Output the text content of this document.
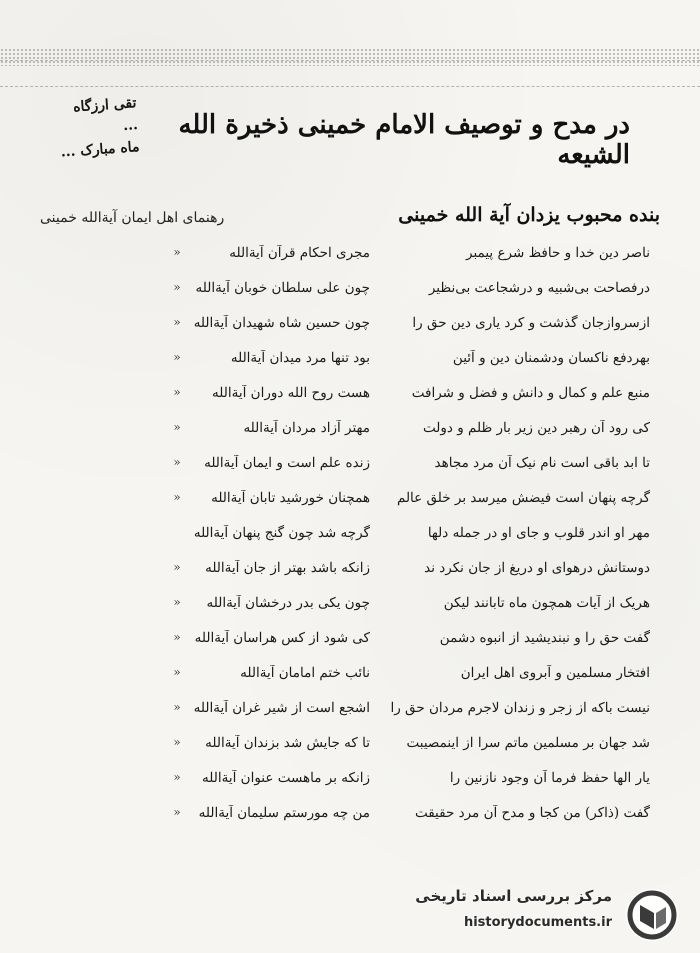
تقی ارزگاه
...
ماه مبارک ...
در مدح و توصیف الامام خمینی ذخیرة الله الشیعه
بنده محبوب یزدان آیة الله خمینی
رهنمای اهل ایمان آیةالله خمینی
ناصر دین خدا و حافظ شرع پیمبر
مجری احکام قرآن آیةالله
«
درفصاحت بی‌شبیه و درشجاعت بی‌نظیر
چون علی سلطان خوبان آیةالله
«
ازسروازجان گذشت و کرد یاری دین حق را
چون حسین شاه شهیدان آیةالله
«
بهردفع ناکسان ودشمنان دین و آئین
بود تنها مرد میدان آیةالله
«
منبع علم و کمال و دانش و فضل و شرافت
هست روح الله دوران آیةالله
«
کی رود آن رهبر دین زیر بار ظلم و دولت
مهتر آزاد مردان آیةالله
«
تا ابد باقی است نام نیک آن مرد مجاهد
زنده علم است و ایمان آیةالله
«
گرچه پنهان است فیضش میرسد بر خلق عالم
همچنان خورشید تابان آیةالله
«
مهر او اندر قلوب و جای او در جمله دلها
گرچه شد چون گنج پنهان آیةالله
دوستانش درهوای او دریغ از جان نکرد ند
زانکه باشد بهتر از جان آیةالله
«
هریک از آیات همچون ماه تابانند لیکن
چون یکی بدر درخشان آیةالله
«
گفت حق را و نبندیشید از انبوه دشمن
کی شود از کس هراسان آیةالله
«
افتخار مسلمین و آبروی اهل ایران
نائب ختم امامان آیةالله
«
نیست باکه از زجر و زندان لاجرم مردان حق را
اشجع است از شیر غران آیةالله
«
شد جهان بر مسلمین ماتم سرا از اینمصیبت
تا که جایش شد بزندان آیةالله
«
یار الها حفظ فرما آن وجود نازنین را
زانکه بر ماهست عنوان آیةالله
«
گفت (ذاکر) من کجا و مدح آن مرد حقیقت
من چه مورستم سلیمان آیةالله
«
مرکز بررسی اسناد تاریخی
historydocuments.ir
